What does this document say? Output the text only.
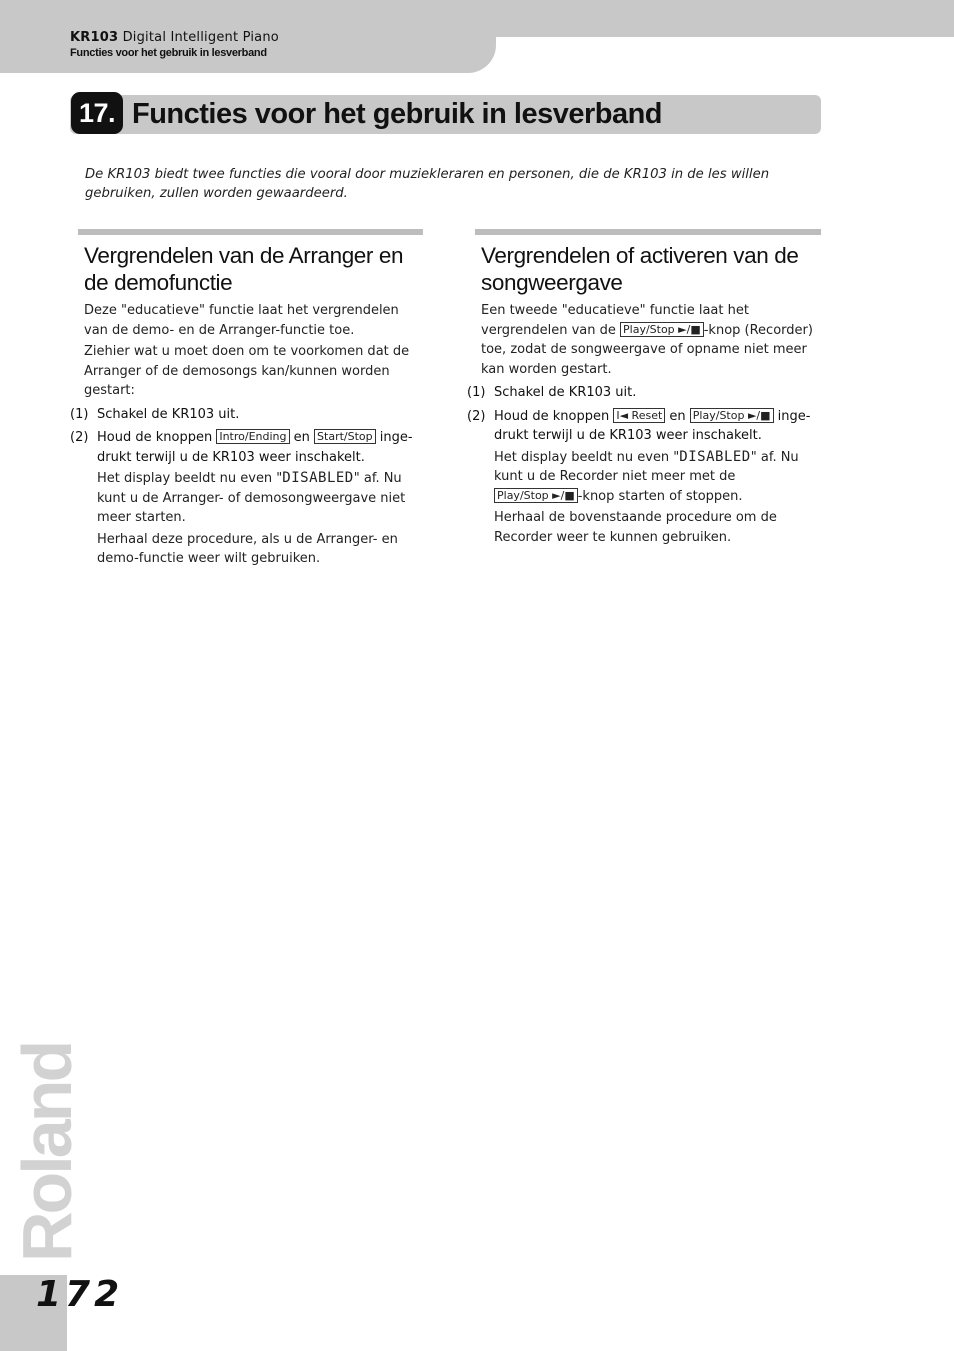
KR103 Digital Intelligent Piano
Functies voor het gebruik in lesverband
17. Functies voor het gebruik in lesverband
De KR103 biedt twee functies die vooral door muziekleraren en personen, die de KR103 in de les willen gebruiken, zullen worden gewaardeerd.
Vergrendelen van de Arranger en de demofunctie
Deze "educatieve" functie laat het vergrendelen van de demo- en de Arranger-functie toe.
Ziehier wat u moet doen om te voorkomen dat de Arranger of de demosongs kan/kunnen worden gestart:
(1) Schakel de KR103 uit.
(2) Houd de knoppen Intro/Ending en Start/Stop inge-drukt terwijl u de KR103 weer inschakelt.
Het display beeldt nu even "DISABLED" af. Nu kunt u de Arranger- of demosongweergave niet meer starten.
Herhaal deze procedure, als u de Arranger- en demo-functie weer wilt gebruiken.
Vergrendelen of activeren van de songweergave
Een tweede "educatieve" functie laat het vergrendelen van de Play/Stop ►/■ -knop (Recorder) toe, zodat de songweergave of opname niet meer kan worden gestart.
(1) Schakel de KR103 uit.
(2) Houd de knoppen I◄ Reset en Play/Stop ►/■ inge-drukt terwijl u de KR103 weer inschakelt.
Het display beeldt nu even "DISABLED" af. Nu kunt u de Recorder niet meer met de Play/Stop ►/■ -knop starten of stoppen.
Herhaal de bovenstaande procedure om de Recorder weer te kunnen gebruiken.
Roland
172
